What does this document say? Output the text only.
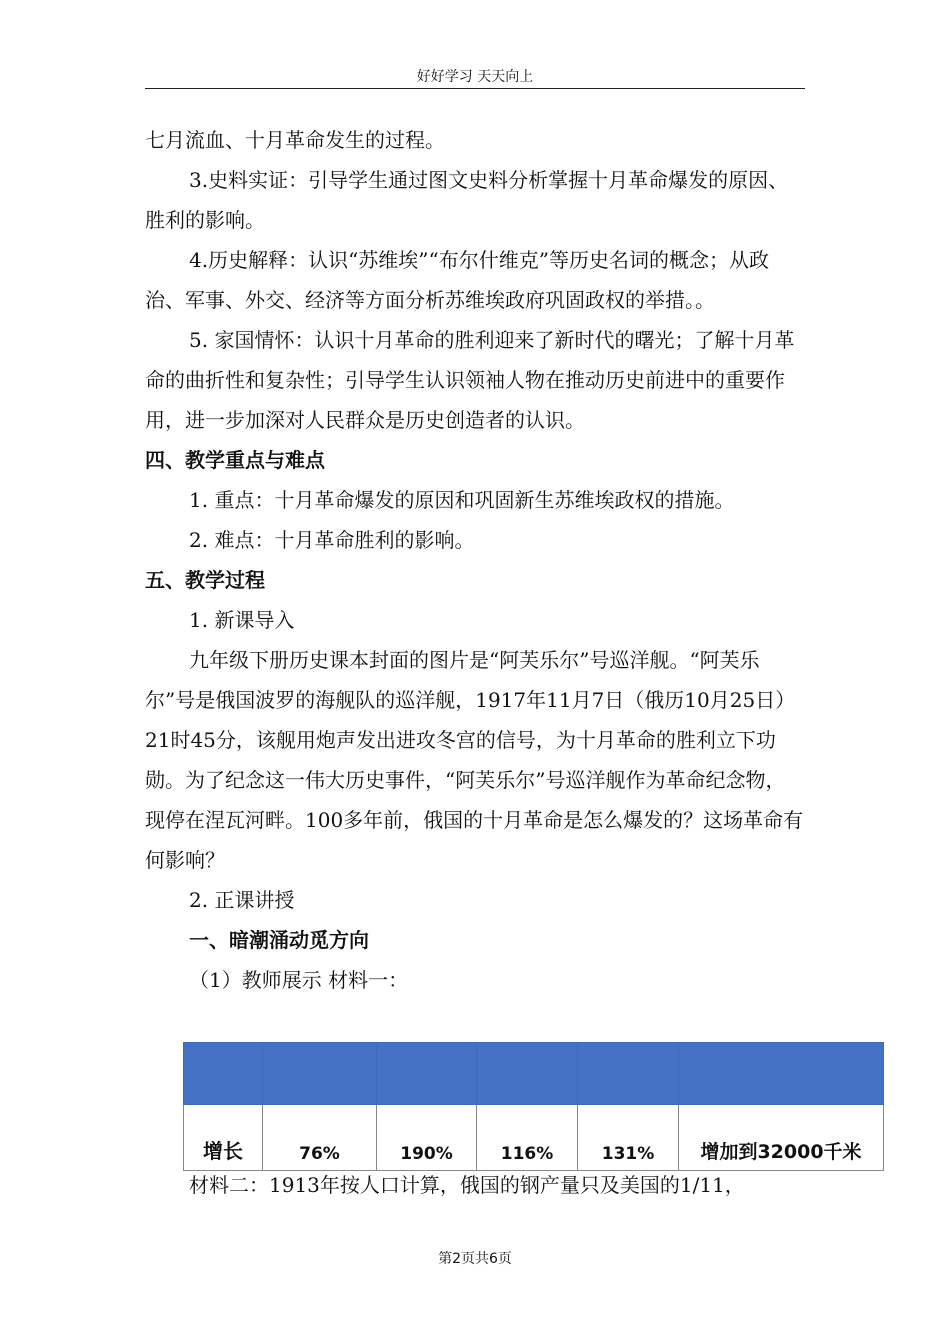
好好学习 天天向上

七月流血、十月革命发生的过程。

3.史料实证：引导学生通过图文史料分析掌握十月革命爆发的原因、胜利的影响。

4.历史解释：认识“苏维埃”“布尔什维克”等历史名词的概念；从政治、军事、外交、经济等方面分析苏维埃政府巩固政权的举措。。

5. 家国情怀：认识十月革命的胜利迎来了新时代的曙光；了解十月革命的曲折性和复杂性；引导学生认识领袖人物在推动历史前进中的重要作用，进一步加深对人民群众是历史创造者的认识。

四、教学重点与难点

1. 重点：十月革命爆发的原因和巩固新生苏维埃政权的措施。

2. 难点：十月革命胜利的影响。

五、教学过程

1. 新课导入

九年级下册历史课本封面的图片是“阿芙乐尔”号巡洋舰。“阿芙乐尔”号是俄国波罗的海舰队的巡洋舰，1917年11月7日（俄历10月25日）21时45分，该舰用炮声发出进攻冬宫的信号，为十月革命的胜利立下功勋。为了纪念这一伟大历史事件，“阿芙乐尔”号巡洋舰作为革命纪念物，现停在涅瓦河畔。100多年前，俄国的十月革命是怎么爆发的？这场革命有何影响？

2. 正课讲授

一、暗潮涌动觅方向

（1）教师展示 材料一：

增长	76%	190%	116%	131%	增加到32000千米
材料二：1913年按人口计算，俄国的钢产量只及美国的1/11，
第2页共6页
